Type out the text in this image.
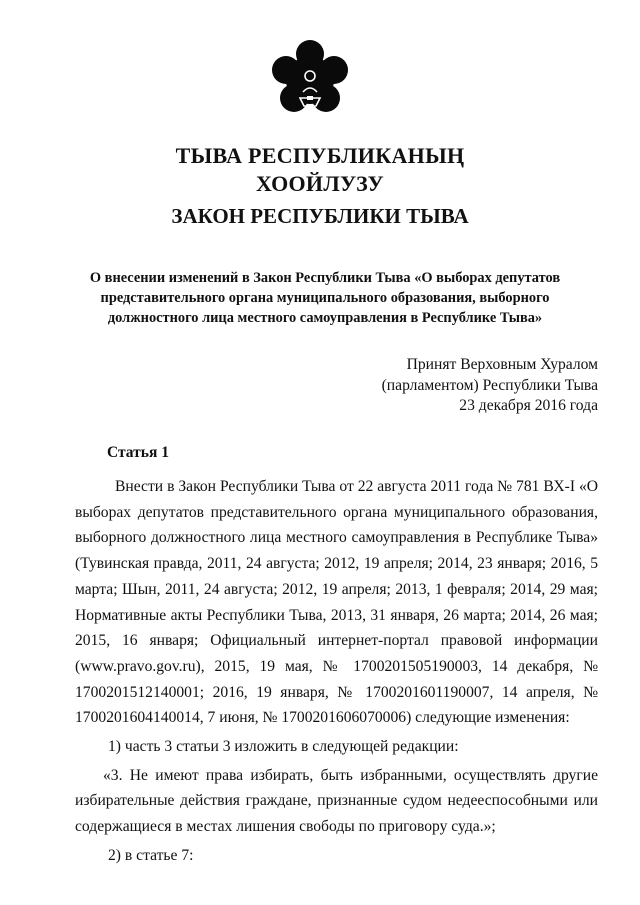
ТЫВА РЕСПУБЛИКАНЫҢ
ХООЙЛУЗУ
ЗАКОН РЕСПУБЛИКИ ТЫВА
О внесении изменений в Закон Республики Тыва «О выборах депутатов
представительного органа муниципального образования, выборного
должностного лица местного самоуправления в Республике Тыва»
Принят Верховным Хуралом
(парламентом) Республики Тыва
23 декабря 2016 года
Статья 1

Внести в Закон Республики Тыва от 22 августа 2011 года № 781 ВХ-I «О выборах депутатов представительного органа муниципального образования, выборного должностного лица местного самоуправления в Республике Тыва» (Тувинская правда, 2011, 24 августа; 2012, 19 апреля; 2014, 23 января; 2016, 5 марта; Шын, 2011, 24 августа; 2012, 19 апреля; 2013, 1 февраля; 2014, 29 мая; Нормативные акты Республики Тыва, 2013, 31 января, 26 марта; 2014, 26 мая; 2015, 16 января; Официальный интернет-портал правовой информации (www.pravo.gov.ru), 2015, 19 мая, № 1700201505190003, 14 декабря, № 1700201512140001; 2016, 19 января, № 1700201601190007, 14 апреля, № 1700201604140014, 7 июня, № 1700201606070006) следующие изменения:

1) часть 3 статьи 3 изложить в следующей редакции:

«3. Не имеют права избирать, быть избранными, осуществлять другие избирательные действия граждане, признанные судом недееспособными или содержащиеся в местах лишения свободы по приговору суда.»;

2) в статье 7:
